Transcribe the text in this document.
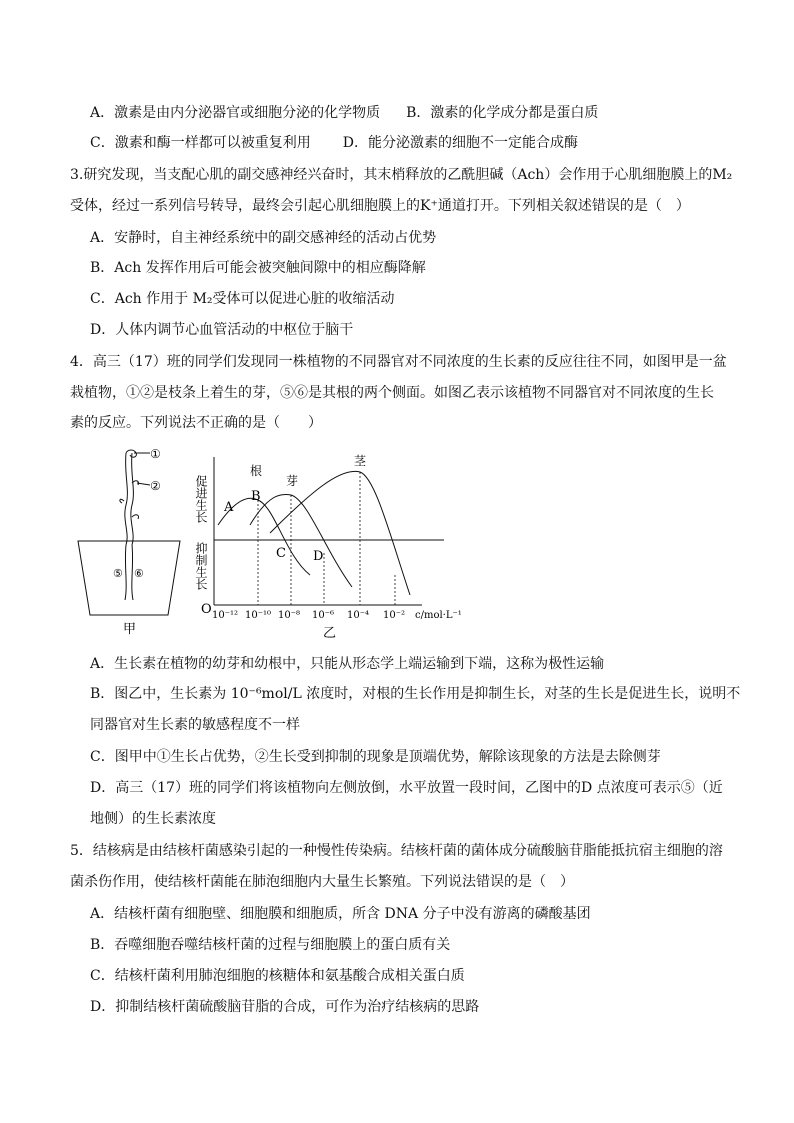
A．激素是由内分泌器官或细胞分泌的化学物质 B．激素的化学成分都是蛋白质
C．激素和酶一样都可以被重复利用 D．能分泌激素的细胞不一定能合成酶
3.研究发现，当支配心肌的副交感神经兴奋时，其末梢释放的乙酰胆碱（Ach）会作用于心肌细胞膜上的M₂
受体，经过一系列信号转导，最终会引起心肌细胞膜上的K⁺通道打开。下列相关叙述错误的是（　）
A．安静时，自主神经系统中的副交感神经的活动占优势
B．Ach 发挥作用后可能会被突触间隙中的相应酶降解
C．Ach 作用于 M₂受体可以促进心脏的收缩活动
D．人体内调节心血管活动的中枢位于脑干
4．高三（17）班的同学们发现同一株植物的不同器官对不同浓度的生长素的反应往往不同，如图甲是一盆
栽植物，①②是枝条上着生的芽，⑤⑥是其根的两个侧面。如图乙表示该植物不同器官对不同浓度的生长
素的反应。下列说法不正确的是（　　）
①
②
⑤ ⑥
甲
根
芽
茎
A
B
C D
促进生长
抑制生长
O 10⁻¹² 10⁻¹⁰ 10⁻⁸ 10⁻⁶ 10⁻⁴ 10⁻² c/mol·L⁻¹
乙
A．生长素在植物的幼芽和幼根中，只能从形态学上端运输到下端，这称为极性运输
B．图乙中，生长素为 10⁻⁶mol/L 浓度时，对根的生长作用是抑制生长，对茎的生长是促进生长，说明不
同器官对生长素的敏感程度不一样
C．图甲中①生长占优势，②生长受到抑制的现象是顶端优势，解除该现象的方法是去除侧芽
D．高三（17）班的同学们将该植物向左侧放倒，水平放置一段时间，乙图中的D 点浓度可表示⑤（近
地侧）的生长素浓度
5．结核病是由结核杆菌感染引起的一种慢性传染病。结核杆菌的菌体成分硫酸脑苷脂能抵抗宿主细胞的溶
菌杀伤作用，使结核杆菌能在肺泡细胞内大量生长繁殖。下列说法错误的是（　）
A．结核杆菌有细胞壁、细胞膜和细胞质，所含 DNA 分子中没有游离的磷酸基团
B．吞噬细胞吞噬结核杆菌的过程与细胞膜上的蛋白质有关
C．结核杆菌利用肺泡细胞的核糖体和氨基酸合成相关蛋白质
D．抑制结核杆菌硫酸脑苷脂的合成，可作为治疗结核病的思路
